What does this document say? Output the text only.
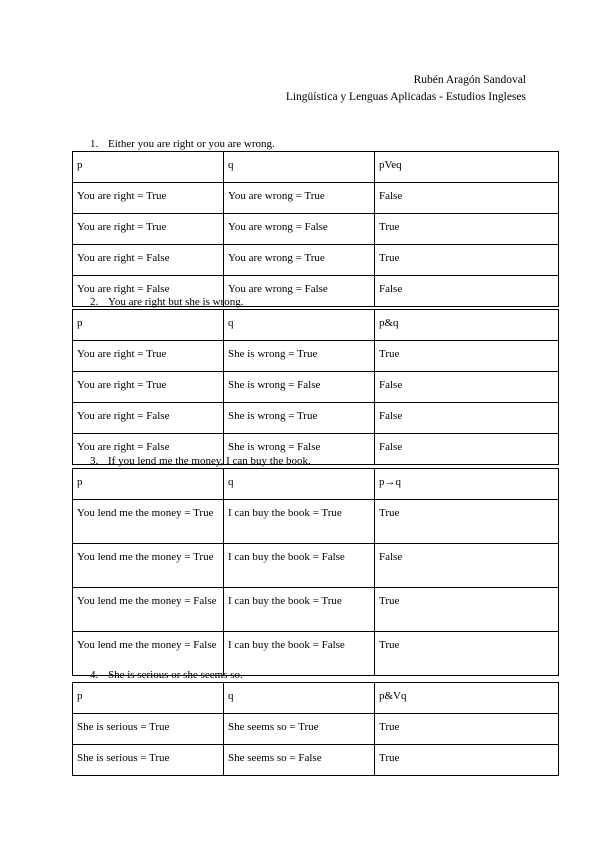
Rubén Aragón Sandoval
Lingüística y Lenguas Aplicadas - Estudios Ingleses
1. Either you are right or you are wrong.
p	q	pVeq
You are right = True	You are wrong = True	False
You are right = True	You are wrong = False	True
You are right = False	You are wrong = True	True
You are right = False	You are wrong = False	False
2. You are right but she is wrong.
p	q	p&q
You are right = True	She is wrong = True	True
You are right = True	She is wrong = False	False
You are right = False	She is wrong = True	False
You are right = False	She is wrong = False	False
3. If you lend me the money, I can buy the book.
p	q	p→q
You lend me the money = True	I can buy the book = True	True
You lend me the money = True	I can buy the book = False	False
You lend me the money = False	I can buy the book = True	True
You lend me the money = False	I can buy the book = False	True
4. She is serious or she seems so.
p	q	p&Vq
She is serious = True	She seems so = True	True
She is serious = True	She seems so = False	True
